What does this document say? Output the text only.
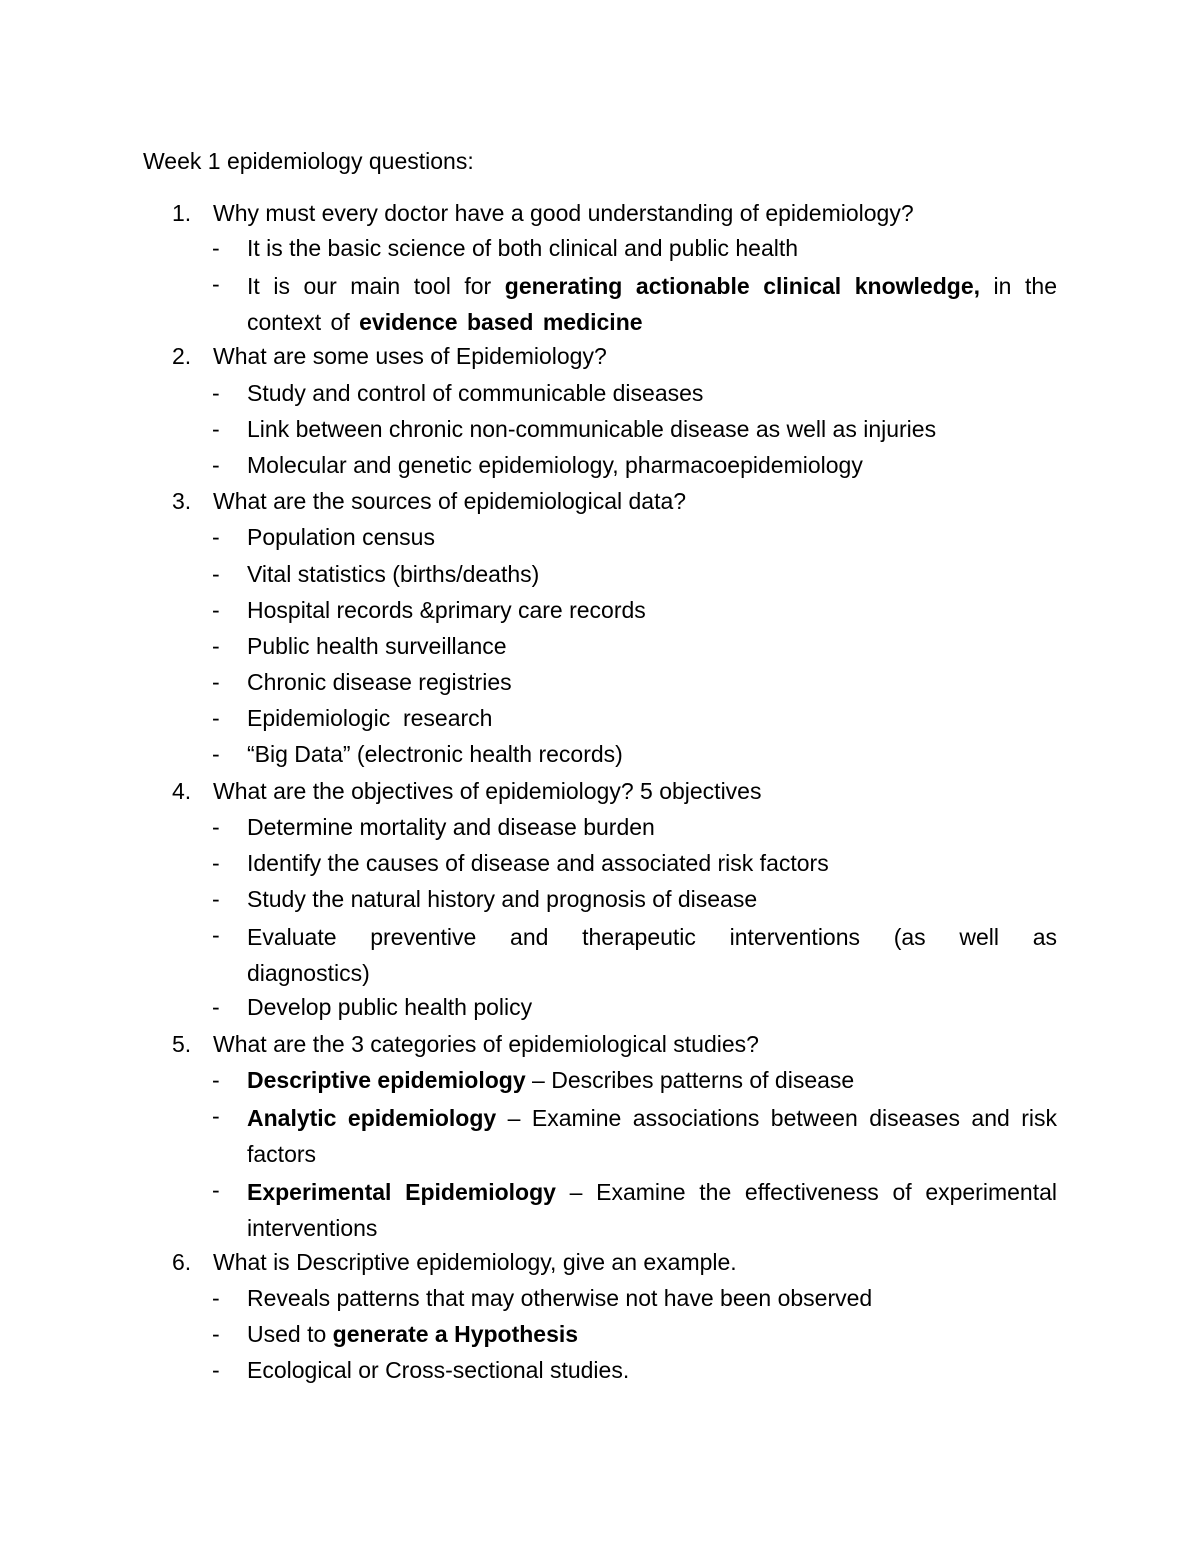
Week 1 epidemiology questions:
1. Why must every doctor have a good understanding of epidemiology?
- It is the basic science of both clinical and public health
- It is our main tool for generating actionable clinical knowledge, in the context of evidence based medicine
2. What are some uses of Epidemiology?
- Study and control of communicable diseases
- Link between chronic non-communicable disease as well as injuries
- Molecular and genetic epidemiology, pharmacoepidemiology
3. What are the sources of epidemiological data?
- Population census
- Vital statistics (births/deaths)
- Hospital records &primary care records
- Public health surveillance
- Chronic disease registries
- Epidemiologic  research
- “Big Data” (electronic health records)
4. What are the objectives of epidemiology? 5 objectives
- Determine mortality and disease burden
- Identify the causes of disease and associated risk factors
- Study the natural history and prognosis of disease
- Evaluate preventive and therapeutic interventions (as well as diagnostics)
- Develop public health policy
5. What are the 3 categories of epidemiological studies?
- Descriptive epidemiology – Describes patterns of disease
- Analytic epidemiology – Examine associations between diseases and risk factors
- Experimental Epidemiology – Examine the effectiveness of experimental interventions
6. What is Descriptive epidemiology, give an example.
- Reveals patterns that may otherwise not have been observed
- Used to generate a Hypothesis
- Ecological or Cross-sectional studies.
